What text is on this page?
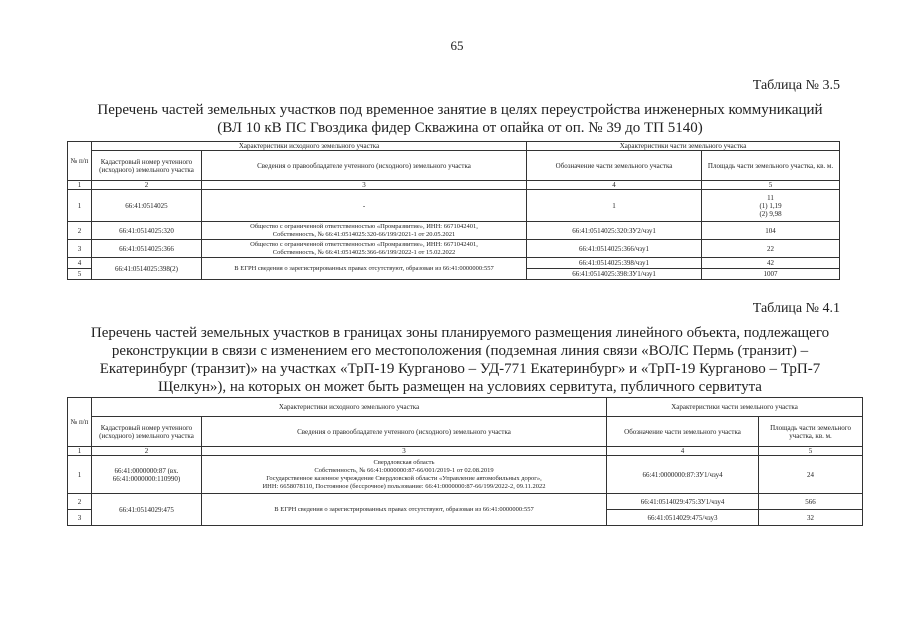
65
Таблица № 3.5
Перечень частей земельных участков под временное занятие в целях переустройства инженерных коммуникаций
(ВЛ 10 кВ ПС Гвоздика фидер Скважина от опайка от оп. № 39 до ТП 5140)
№ п/п	Характеристики исходного земельного участка		Характеристики части земельного участка	
	Кадастровый номер учтенного (исходного) земельного участка	Сведения о правообладателе учтенного (исходного) земельного участка	Обозначение части земельного участка	Площадь части земельного участка, кв. м.
1	2	3	4	5
1	66:41:0514025	-	1	11
(1) 1,19
(2) 9,98

2	66:41:0514025:320	Общество с ограниченной ответственностью «Промразвитие», ИНН: 6671042401,
Собственность, № 66:41:0514025:320-66/199/2021-1 от 20.05.2021	66:41:0514025:320:ЗУ2/чзу1	104
3	66:41:0514025:366	Общество с ограниченной ответственностью «Промразвитие», ИНН: 6671042401,
Собственность, № 66:41:0514025:366-66/199/2022-1 от 15.02.2022	66:41:0514025:366/чзу1	22
4	66:41:0514025:398(2)	В ЕГРН сведения о зарегистрированных правах отсутствуют, образован из 66:41:0000000:557	66:41:0514025:398/чзу1	42
5			66:41:0514025:398:ЗУ1/чзу1	1007
Таблица № 4.1
Перечень частей земельных участков в границах зоны планируемого размещения линейного объекта, подлежащего
реконструкции в связи с изменением его местоположения (подземная линия связи «ВОЛС Пермь (транзит) –
Екатеринбург (транзит)» на участках «ТрП-19 Курганово – УД-771 Екатеринбург» и «ТрП-19 Курганово – ТрП-7
Щелкун»), на которых он может быть размещен на условиях сервитута, публичного сервитута
№ п/п	Характеристики исходного земельного участка		Характеристики части земельного участка	
	Кадастровый номер учтенного (исходного) земельного участка	Сведения о правообладателе учтенного (исходного) земельного участка	Обозначение части земельного участка	Площадь части земельного участка, кв. м.
1	2	3	4	5
1	66:41:0000000:87 (вх.
66:41:0000000:110990)	Свердловская область
Собственность, № 66:41:0000000:87-66/001/2019-1 от 02.08.2019
Государственное казенное учреждение Свердловской области «Управление автомобильных дорог»,
ИНН: 6658078110, Постоянное (бессрочное) пользование: 66:41:0000000:87-66/199/2022-2, 09.11.2022	66:41:0000000:87:ЗУ1/чзу4	24
2	66:41:0514029:475	В ЕГРН сведения о зарегистрированных правах отсутствуют, образован из 66:41:0000000:557	66:41:0514029:475:ЗУ1/чзу4	566
3			66:41:0514029:475/чзу3	32
